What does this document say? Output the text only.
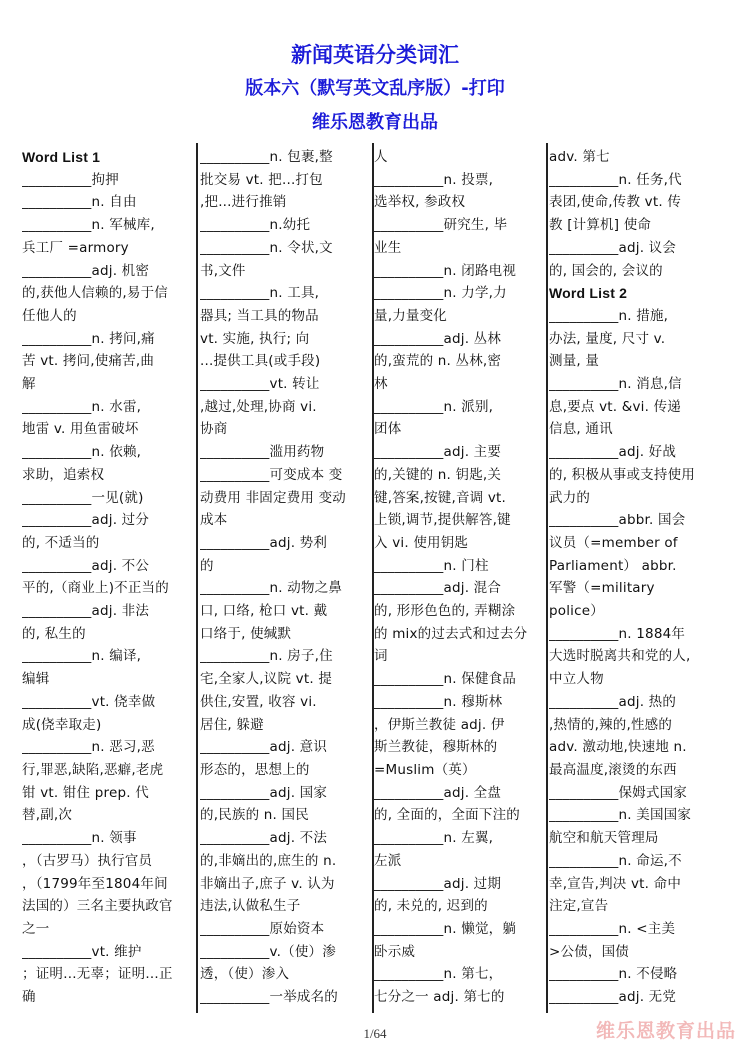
新闻英语分类词汇
版本六（默写英文乱序版）-打印
维乐恩教育出品
Word List 1
__________拘押
__________n. 自由
__________n. 军械库,
兵工厂 =armory
__________adj. 机密
的,获他人信赖的,易于信
任他人的
__________n. 拷问,痛
苦 vt. 拷问,使痛苦,曲
解
__________n. 水雷,
地雷 v. 用鱼雷破坏
__________n. 依赖,
求助，追索权
__________一见(就)
__________adj. 过分
的, 不适当的
__________adj. 不公
平的,（商业上)不正当的
__________adj. 非法
的, 私生的
__________n. 编译,
编辑
__________vt. 侥幸做
成(侥幸取走)
__________n. 恶习,恶
行,罪恶,缺陷,恶癖,老虎
钳 vt. 钳住 prep. 代
替,副,次
__________n. 领事
，（古罗马）执行官员
，（1799年至1804年间
法国的）三名主要执政官
之一
__________vt. 维护
；证明…无辜；证明…正
确
__________n. 包裹,整
批交易 vt. 把...打包
,把...进行推销
__________n.幼托
__________n. 令状,文
书,文件
__________n. 工具,
器具; 当工具的物品
vt. 实施, 执行; 向
...提供工具(或手段)
__________vt. 转让
,越过,处理,协商 vi.
协商
__________滥用药物
__________可变成本 变
动费用 非固定费用 变动
成本
__________adj. 势利
的
__________n. 动物之鼻
口, 口络, 枪口 vt. 戴
口络于, 使缄默
__________n. 房子,住
宅,全家人,议院 vt. 提
供住,安置, 收容 vi.
居住, 躲避
__________adj. 意识
形态的，思想上的
__________adj. 国家
的,民族的 n. 国民
__________adj. 不法
的,非嫡出的,庶生的 n.
非嫡出子,庶子 v. 认为
违法,认做私生子
__________原始资本
__________v.（使）渗
透，（使）渗入
__________一举成名的
人
__________n. 投票,
选举权, 参政权
__________研究生, 毕
业生
__________n. 闭路电视
__________n. 力学,力
量,力量变化
__________adj. 丛林
的,蛮荒的 n. 丛林,密
林
__________n. 派别,
团体
__________adj. 主要
的,关键的 n. 钥匙,关
键,答案,按键,音调 vt.
上锁,调节,提供解答,键
入 vi. 使用钥匙
__________n. 门柱
__________adj. 混合
的, 形形色色的, 弄糊涂
的 mix的过去式和过去分
词
__________n. 保健食品
__________n. 穆斯林
，伊斯兰教徒 adj. 伊
斯兰教徒，穆斯林的
=Muslim（英）
__________adj. 全盘
的, 全面的，全面下注的
__________n. 左翼,
左派
__________adj. 过期
的, 未兑的, 迟到的
__________n. 懒觉，躺
卧示威
__________n. 第七，
七分之一 adj. 第七的
adv. 第七
__________n. 任务,代
表团,使命,传教 vt. 传
教 [计算机] 使命
__________adj. 议会
的, 国会的, 会议的
Word List 2
__________n. 措施,
办法, 量度, 尺寸 v.
测量, 量
__________n. 消息,信
息,要点 vt. &vi. 传递
信息, 通讯
__________adj. 好战
的, 积极从事或支持使用
武力的
__________abbr. 国会
议员（=member of
Parliament） abbr.
军警（=military
police）
__________n. 1884年
大选时脱离共和党的人,
中立人物
__________adj. 热的
,热情的,辣的,性感的
adv. 激动地,快速地 n.
最高温度,滚烫的东西
__________保姆式国家
__________n. 美国国家
航空和航天管理局
__________n. 命运,不
幸,宣告,判决 vt. 命中
注定,宣告
__________n. <主美
>公债，国债
__________n. 不侵略
__________adj. 无党
1/64	维乐恩教育出品
